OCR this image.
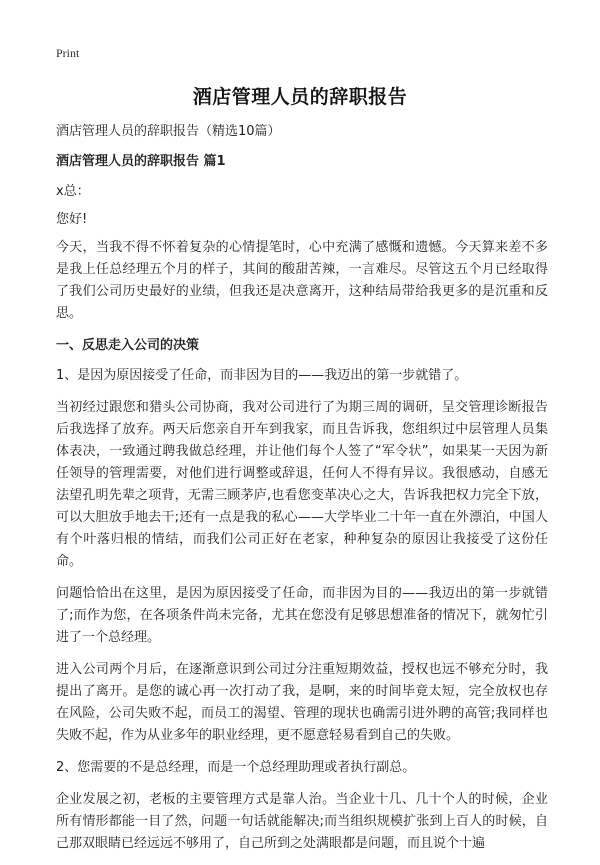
Print
酒店管理人员的辞职报告

酒店管理人员的辞职报告（精选10篇）

酒店管理人员的辞职报告 篇1

x总：

您好!

今天，当我不得不怀着复杂的心情提笔时，心中充满了感慨和遗憾。今天算来差不多是我上任总经理五个月的样子，其间的酸甜苦辣，一言难尽。尽管这五个月已经取得了我们公司历史最好的业绩，但我还是决意离开，这种结局带给我更多的是沉重和反思。

一、反思走入公司的决策

1、是因为原因接受了任命，而非因为目的——我迈出的第一步就错了。

当初经过跟您和猎头公司协商，我对公司进行了为期三周的调研，呈交管理诊断报告后我选择了放弃。两天后您亲自开车到我家，而且告诉我，您组织过中层管理人员集体表决，一致通过聘我做总经理，并让他们每个人签了“军令状”，如果某一天因为新任领导的管理需要，对他们进行调整或辞退，任何人不得有异议。我很感动，自感无法望孔明先辈之项背，无需三顾茅庐,也看您变革决心之大，告诉我把权力完全下放，可以大胆放手地去干;还有一点是我的私心——大学毕业二十年一直在外漂泊，中国人有个叶落归根的情结，而我们公司正好在老家，种种复杂的原因让我接受了这份任命。

问题恰恰出在这里，是因为原因接受了任命，而非因为目的——我迈出的第一步就错了;而作为您，在各项条件尚未完备，尤其在您没有足够思想准备的情况下，就匆忙引进了一个总经理。

进入公司两个月后，在逐渐意识到公司过分注重短期效益，授权也远不够充分时，我提出了离开。是您的诚心再一次打动了我，是啊，来的时间毕竟太短，完全放权也存在风险，公司失败不起，而员工的渴望、管理的现状也确需引进外聘的高管;我同样也失败不起，作为从业多年的职业经理，更不愿意轻易看到自己的失败。

2、您需要的不是总经理，而是一个总经理助理或者执行副总。

企业发展之初，老板的主要管理方式是靠人治。当企业十几、几十个人的时候，企业所有情形都能一目了然，问题一句话就能解决;而当组织规模扩张到上百人的时候，自己那双眼睛已经远远不够用了，自己所到之处满眼都是问题，而且说个十遍
